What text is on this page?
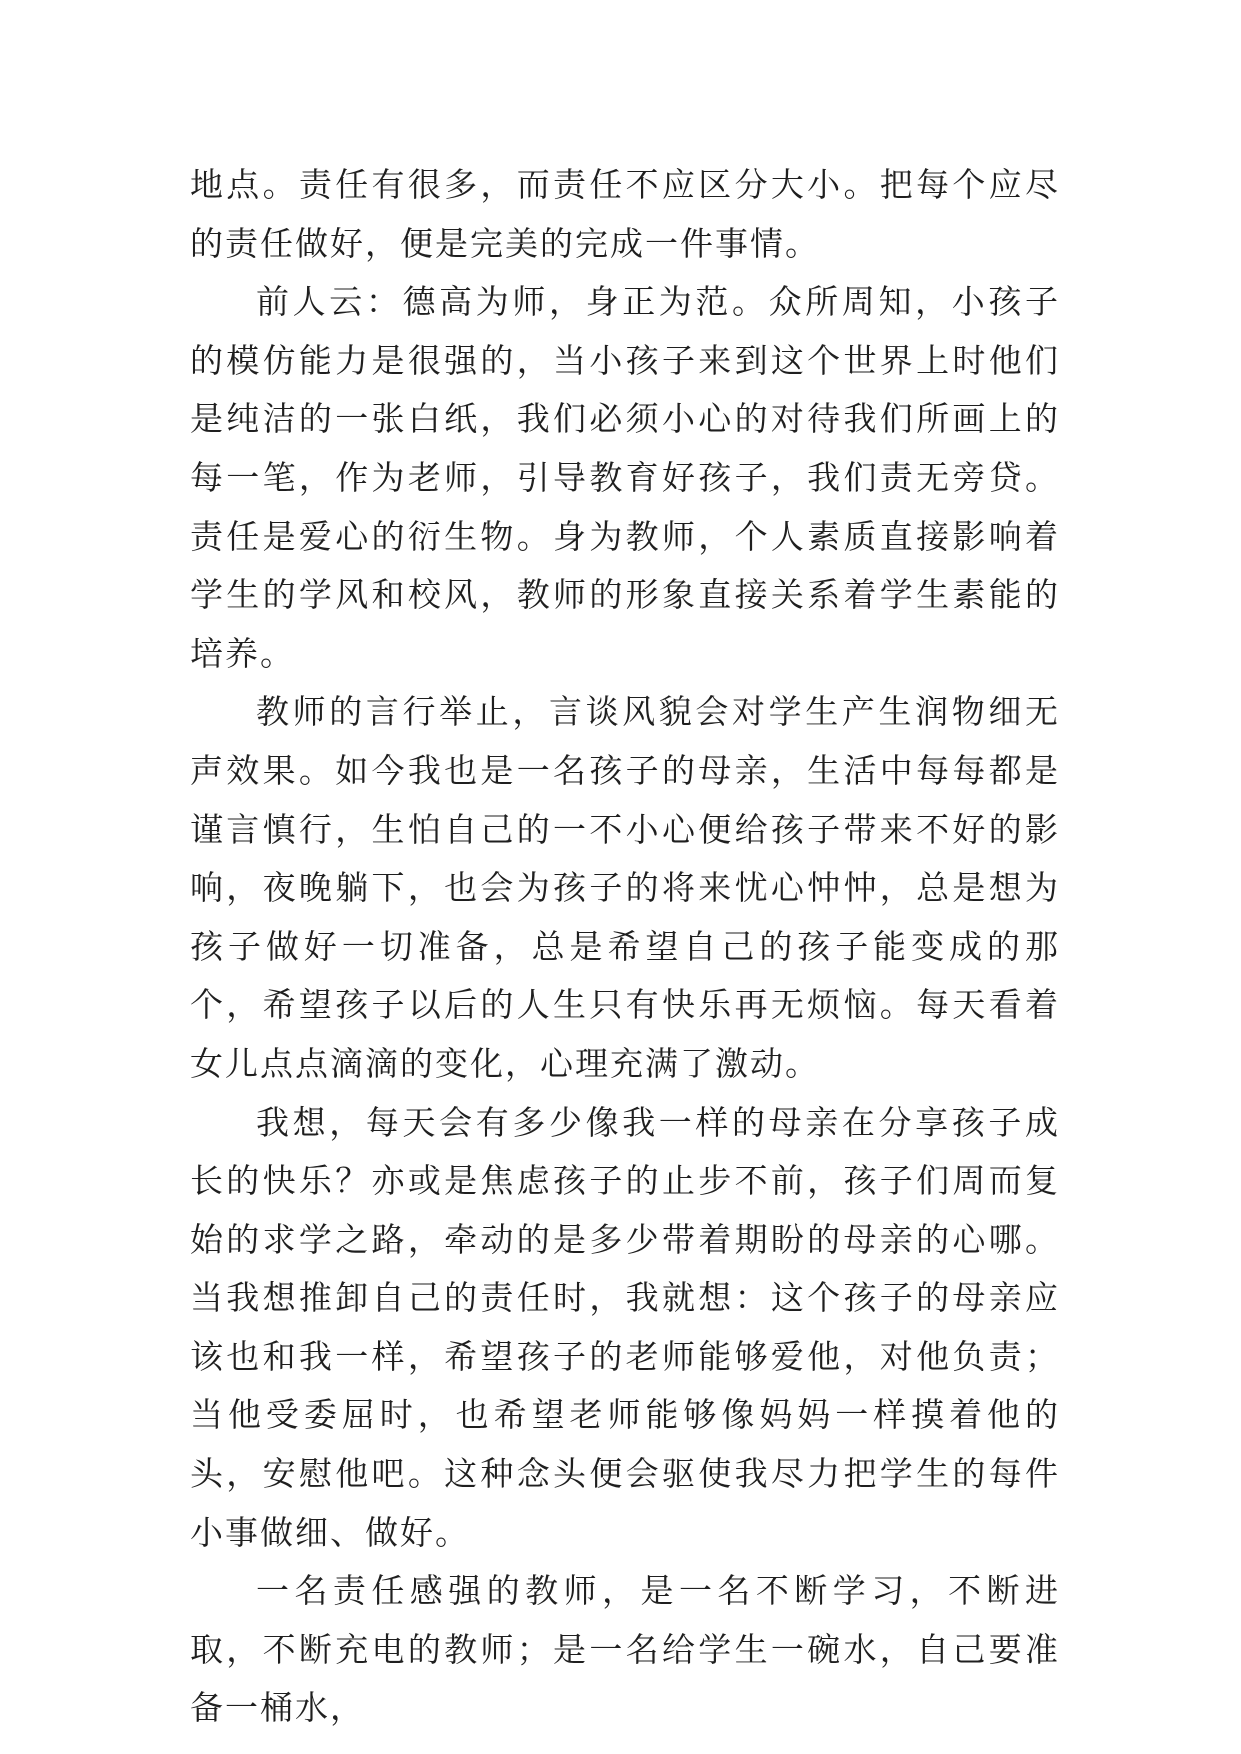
地点。责任有很多，而责任不应区分大小。把每个应尽的责任做好，便是完美的完成一件事情。

前人云：德高为师，身正为范。众所周知，小孩子的模仿能力是很强的，当小孩子来到这个世界上时他们是纯洁的一张白纸，我们必须小心的对待我们所画上的每一笔，作为老师，引导教育好孩子，我们责无旁贷。责任是爱心的衍生物。身为教师，个人素质直接影响着学生的学风和校风，教师的形象直接关系着学生素能的培养。

教师的言行举止，言谈风貌会对学生产生润物细无声效果。如今我也是一名孩子的母亲，生活中每每都是谨言慎行，生怕自己的一不小心便给孩子带来不好的影响，夜晚躺下，也会为孩子的将来忧心忡忡，总是想为孩子做好一切准备，总是希望自己的孩子能变成的那个，希望孩子以后的人生只有快乐再无烦恼。每天看着女儿点点滴滴的变化，心理充满了激动。

我想，每天会有多少像我一样的母亲在分享孩子成长的快乐？亦或是焦虑孩子的止步不前，孩子们周而复始的求学之路，牵动的是多少带着期盼的母亲的心哪。当我想推卸自己的责任时，我就想：这个孩子的母亲应该也和我一样，希望孩子的老师能够爱他，对他负责；当他受委屈时，也希望老师能够像妈妈一样摸着他的头，安慰他吧。这种念头便会驱使我尽力把学生的每件小事做细、做好。

一名责任感强的教师，是一名不断学习，不断进取，不断充电的教师；是一名给学生一碗水，自己要准备一桶水，
